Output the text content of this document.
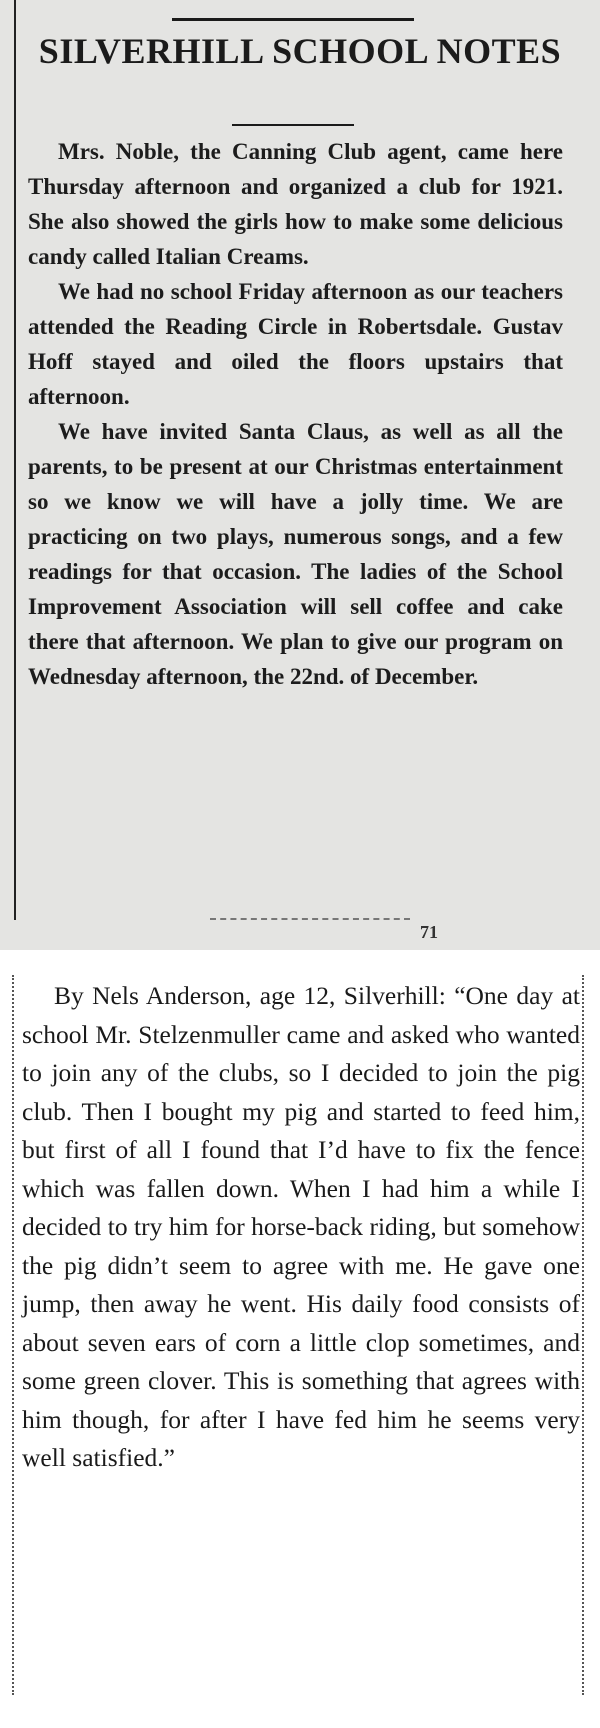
SILVERHILL SCHOOL NOTES

Mrs. Noble, the Canning Club agent, came here Thursday afternoon and organized a club for 1921. She also showed the girls how to make some delicious candy called Italian Creams.

We had no school Friday afternoon as our teachers attended the Reading Circle in Robertsdale. Gustav Hoff stayed and oiled the floors upstairs that afternoon.

We have invited Santa Claus, as well as all the parents, to be present at our Christmas entertainment so we know we will have a jolly time. We are practicing on two plays, numerous songs, and a few readings for that occasion. The ladies of the School Improvement Association will sell coffee and cake there that afternoon. We plan to give our program on Wednesday afternoon, the 22nd. of December.

71

By Nels Anderson, age 12, Silverhill: “One day at school Mr. Stelzenmuller came and asked who wanted to join any of the clubs, so I decided to join the pig club. Then I bought my pig and started to feed him, but first of all I found that I’d have to fix the fence which was fallen down. When I had him a while I decided to try him for horse-back riding, but somehow the pig didn’t seem to agree with me. He gave one jump, then away he went. His daily food consists of about seven ears of corn a little clop sometimes, and some green clover. This is something that agrees with him though, for after I have fed him he seems very well satisfied.”
